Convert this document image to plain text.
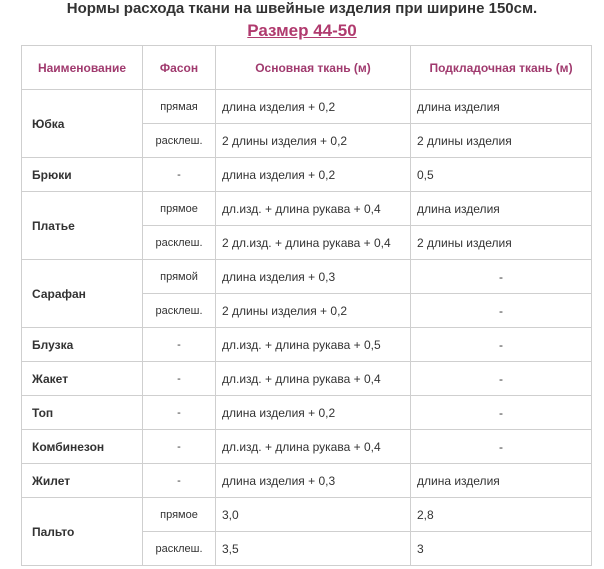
Нормы расхода ткани на швейные изделия при ширине 150см.
Размер 44-50
Наименование	Фасон	Основная ткань (м)	Подкладочная ткань (м)
Юбка	прямая	длина изделия + 0,2	длина изделия
	расклеш.	2 длины изделия + 0,2	2 длины изделия
Брюки	-	длина изделия + 0,2	0,5
Платье	прямое	дл.изд. + длина рукава + 0,4	длина изделия
	расклеш.	2 дл.изд. + длина рукава + 0,4	2 длины изделия
Сарафан	прямой	длина изделия + 0,3	-
	расклеш.	2 длины изделия + 0,2	-
Блузка	-	дл.изд. + длина рукава + 0,5	-
Жакет	-	дл.изд. + длина рукава + 0,4	-
Топ	-	длина изделия + 0,2	-
Комбинезон	-	дл.изд. + длина рукава + 0,4	-
Жилет	-	длина изделия + 0,3	длина изделия
Пальто	прямое	3,0	2,8
	расклеш.	3,5	3
